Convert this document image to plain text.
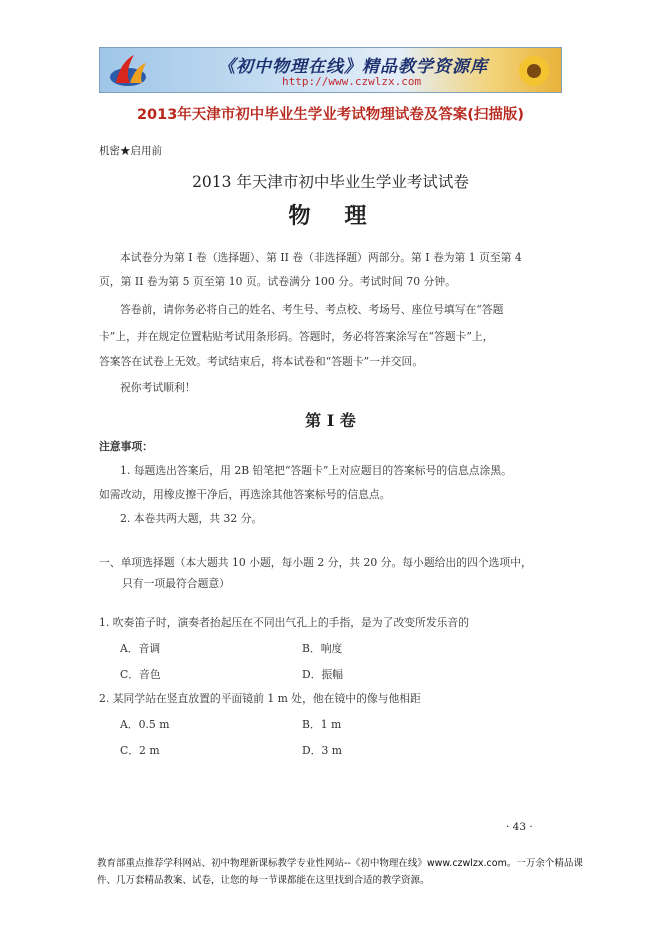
《初中物理在线》精品教学资源库
http://www.czwlzx.com
2013年天津市初中毕业生学业考试物理试卷及答案(扫描版)
机密★启用前
2013 年天津市初中毕业生学业考试试卷
物　理
本试卷分为第 I 卷（选择题）、第 II 卷（非选择题）两部分。第 I 卷为第 1 页至第 4
页，第 II 卷为第 5 页至第 10 页。试卷满分 100 分。考试时间 70 分钟。
答卷前，请你务必将自己的姓名、考生号、考点校、考场号、座位号填写在“答题
卡”上，并在规定位置粘贴考试用条形码。答题时，务必将答案涂写在“答题卡”上，
答案答在试卷上无效。考试结束后，将本试卷和“答题卡”一并交回。
祝你考试顺利！
第 I 卷
注意事项：
1. 每题选出答案后，用 2B 铅笔把“答题卡”上对应题目的答案标号的信息点涂黑。
如需改动，用橡皮擦干净后，再选涂其他答案标号的信息点。
2. 本卷共两大题，共 32 分。
一、单项选择题（本大题共 10 小题，每小题 2 分，共 20 分。每小题给出的四个选项中，
只有一项最符合题意）
1. 吹奏笛子时，演奏者抬起压在不同出气孔上的手指，是为了改变所发乐音的
A．音调	B．响度
C．音色	D．振幅
2. 某同学站在竖直放置的平面镜前 1 m 处，他在镜中的像与他相距
A．0.5 m	B．1 m
C．2 m	D．3 m
· 43 ·
教育部重点推荐学科网站、初中物理新课标教学专业性网站--《初中物理在线》www.czwlzx.com。一万余个精品课
件、几万套精品教案、试卷，让您的每一节课都能在这里找到合适的教学资源。
